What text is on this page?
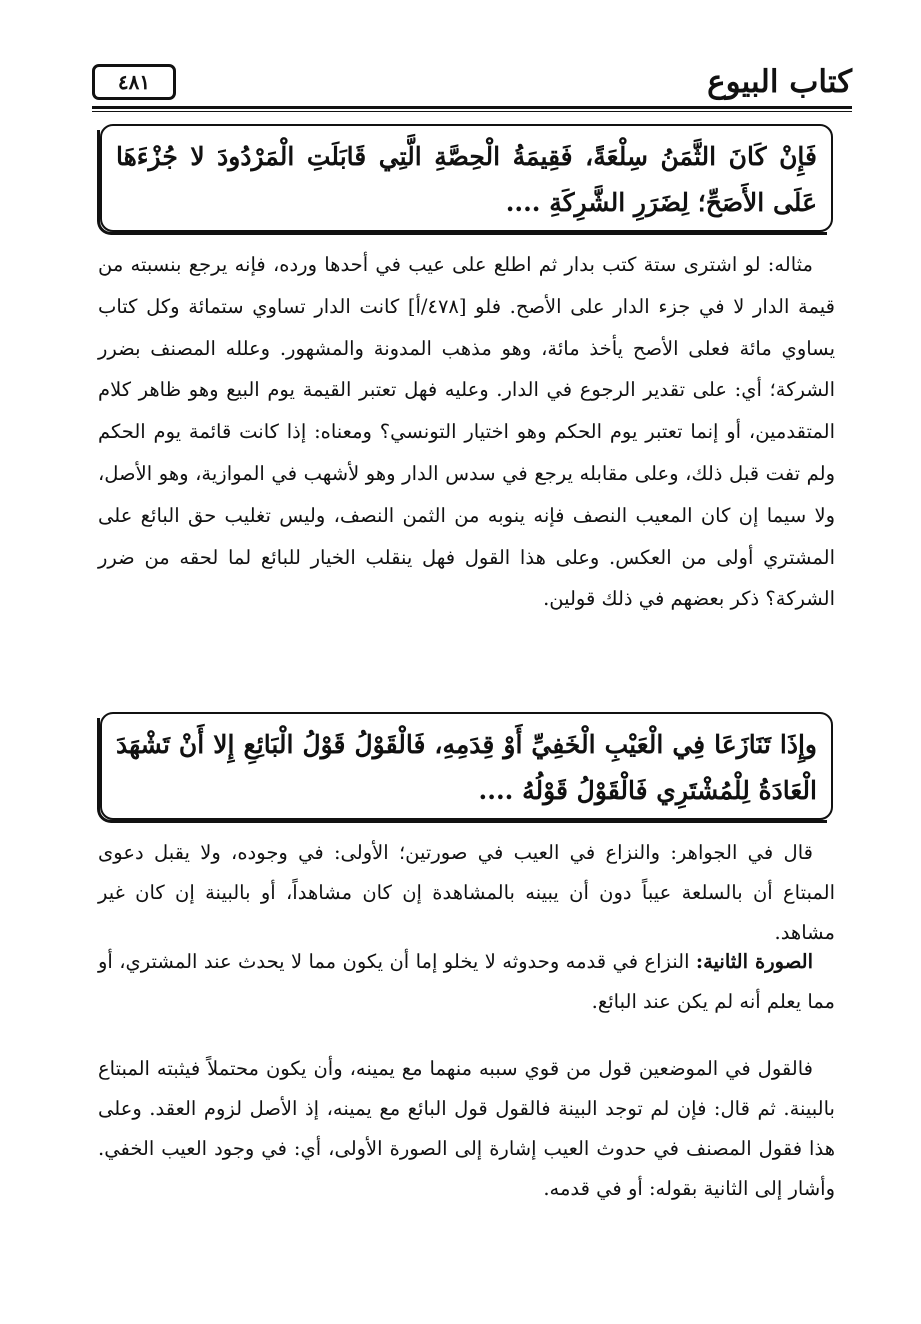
كتاب البيوع
٤٨١
فَإِنْ كَانَ الثَّمَنُ سِلْعَةً، فَقِيمَةُ الْحِصَّةِ الَّتِي قَابَلَتِ الْمَرْدُودَ لا جُزْءَهَا عَلَى الأَصَحِّ؛ لِضَرَرِ الشَّرِكَةِ ....

مثاله: لو اشترى ستة كتب بدار ثم اطلع على عيب في أحدها ورده، فإنه يرجع بنسبته من قيمة الدار لا في جزء الدار على الأصح. فلو [٤٧٨/أ] كانت الدار تساوي ستمائة وكل كتاب يساوي مائة فعلى الأصح يأخذ مائة، وهو مذهب المدونة والمشهور. وعلله المصنف بضرر الشركة؛ أي: على تقدير الرجوع في الدار. وعليه فهل تعتبر القيمة يوم البيع وهو ظاهر كلام المتقدمين، أو إنما تعتبر يوم الحكم وهو اختيار التونسي؟ ومعناه: إذا كانت قائمة يوم الحكم ولم تفت قبل ذلك، وعلى مقابله يرجع في سدس الدار وهو لأشهب في الموازية، وهو الأصل، ولا سيما إن كان المعيب النصف فإنه ينوبه من الثمن النصف، وليس تغليب حق البائع على المشتري أولى من العكس. وعلى هذا القول فهل ينقلب الخيار للبائع لما لحقه من ضرر الشركة؟ ذكر بعضهم في ذلك قولين.

وإِذَا تَنَازَعَا فِي الْعَيْبِ الْخَفِيِّ أَوْ قِدَمِهِ، فَالْقَوْلُ قَوْلُ الْبَائِعِ إِلا أَنْ تَشْهَدَ الْعَادَةُ لِلْمُشْتَرِي فَالْقَوْلُ قَوْلُهُ ....

قال في الجواهر: والنزاع في العيب في صورتين؛ الأولى: في وجوده، ولا يقبل دعوى المبتاع أن بالسلعة عيباً دون أن يبينه بالمشاهدة إن كان مشاهداً، أو بالبينة إن كان غير مشاهد.

الصورة الثانية: النزاع في قدمه وحدوثه لا يخلو إما أن يكون مما لا يحدث عند المشتري، أو مما يعلم أنه لم يكن عند البائع.

فالقول في الموضعين قول من قوي سببه منهما مع يمينه، وأن يكون محتملاً فيثبته المبتاع بالبينة. ثم قال: فإن لم توجد البينة فالقول قول البائع مع يمينه، إذ الأصل لزوم العقد. وعلى هذا فقول المصنف في حدوث العيب إشارة إلى الصورة الأولى، أي: في وجود العيب الخفي. وأشار إلى الثانية بقوله: أو في قدمه.
